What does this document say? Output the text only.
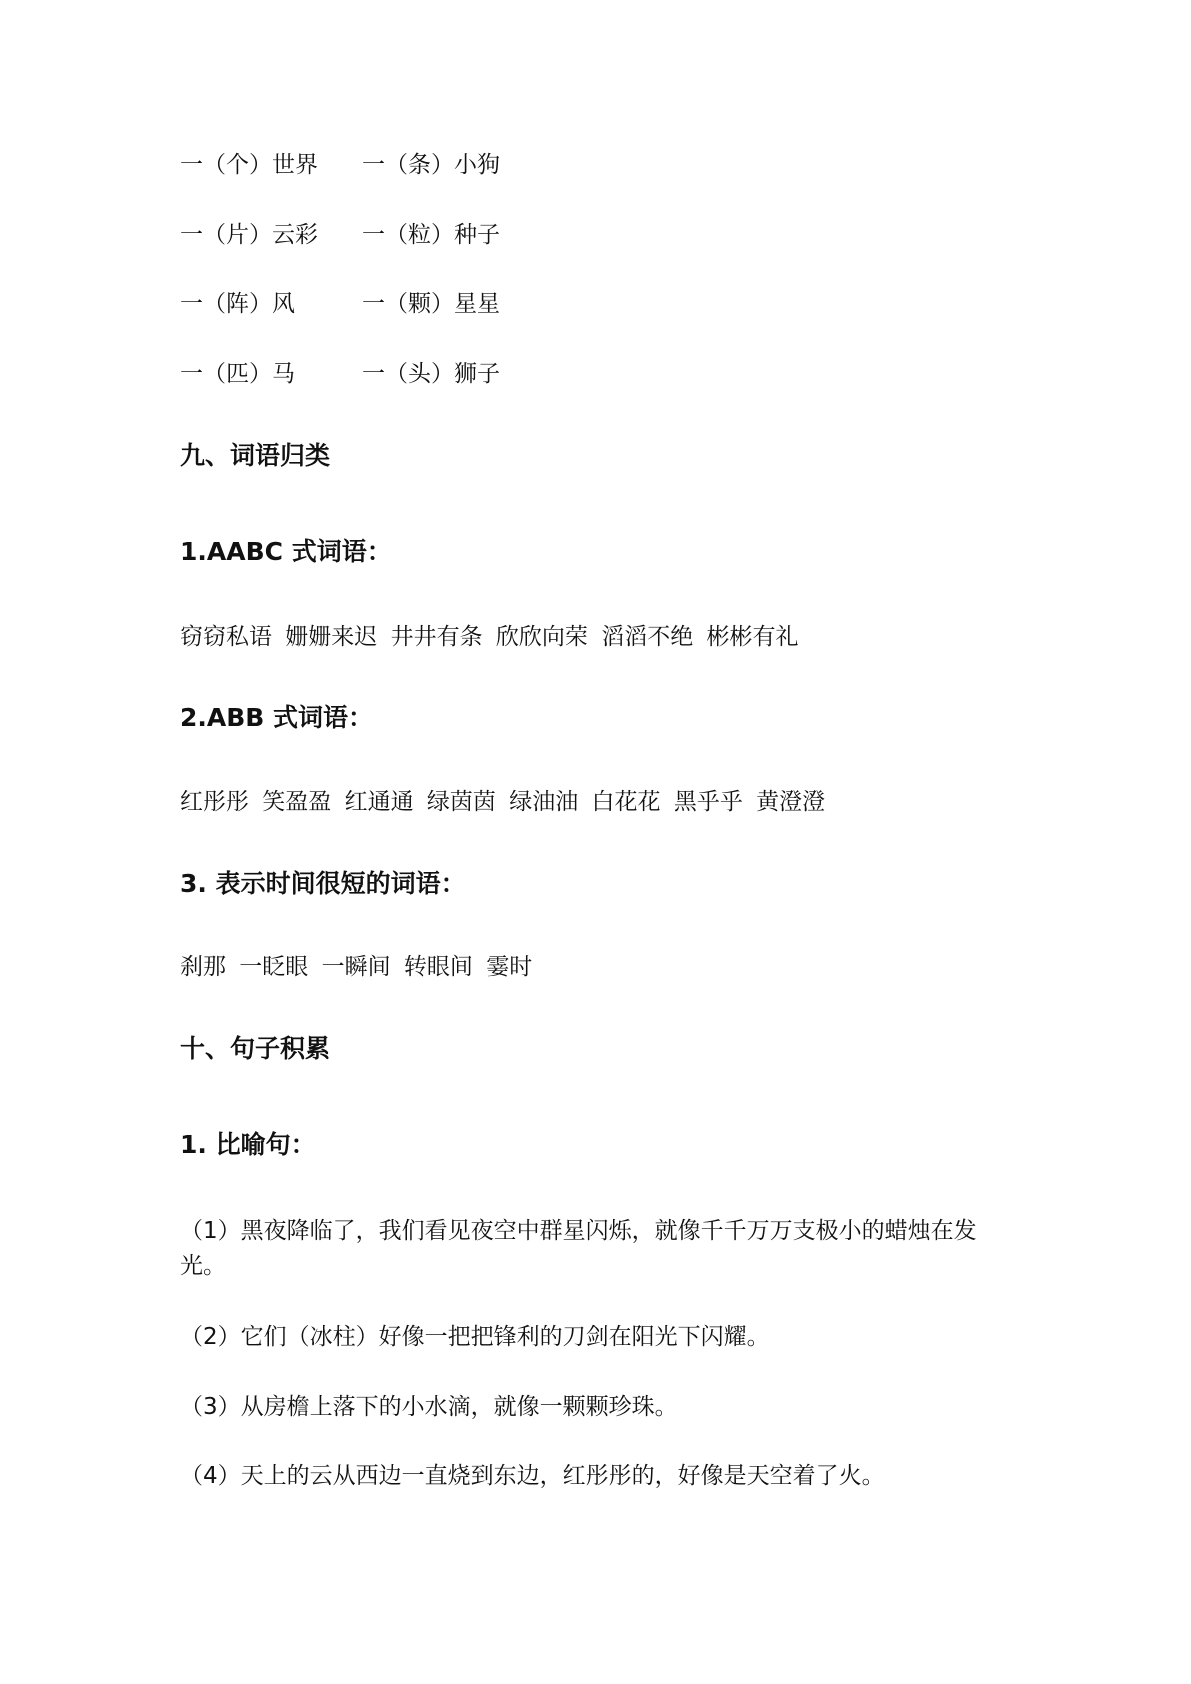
一（个）世界 一（条）小狗
一（片）云彩 一（粒）种子
一（阵）风	一（颗）星星
一（匹）马	一（头）狮子
九、词语归类
1.AABC 式词语：
窃窃私语 姗姗来迟 井井有条 欣欣向荣 滔滔不绝 彬彬有礼
2.ABB 式词语：
红彤彤 笑盈盈 红通通 绿茵茵 绿油油 白花花 黑乎乎 黄澄澄
3. 表示时间很短的词语：
刹那 一眨眼 一瞬间 转眼间 霎时
十、句子积累
1. 比喻句：
（1）黑夜降临了，我们看见夜空中群星闪烁，就像千千万万支极小的蜡烛在发
光。
（2）它们（冰柱）好像一把把锋利的刀剑在阳光下闪耀。
（3）从房檐上落下的小水滴，就像一颗颗珍珠。
（4）天上的云从西边一直烧到东边，红彤彤的，好像是天空着了火。
